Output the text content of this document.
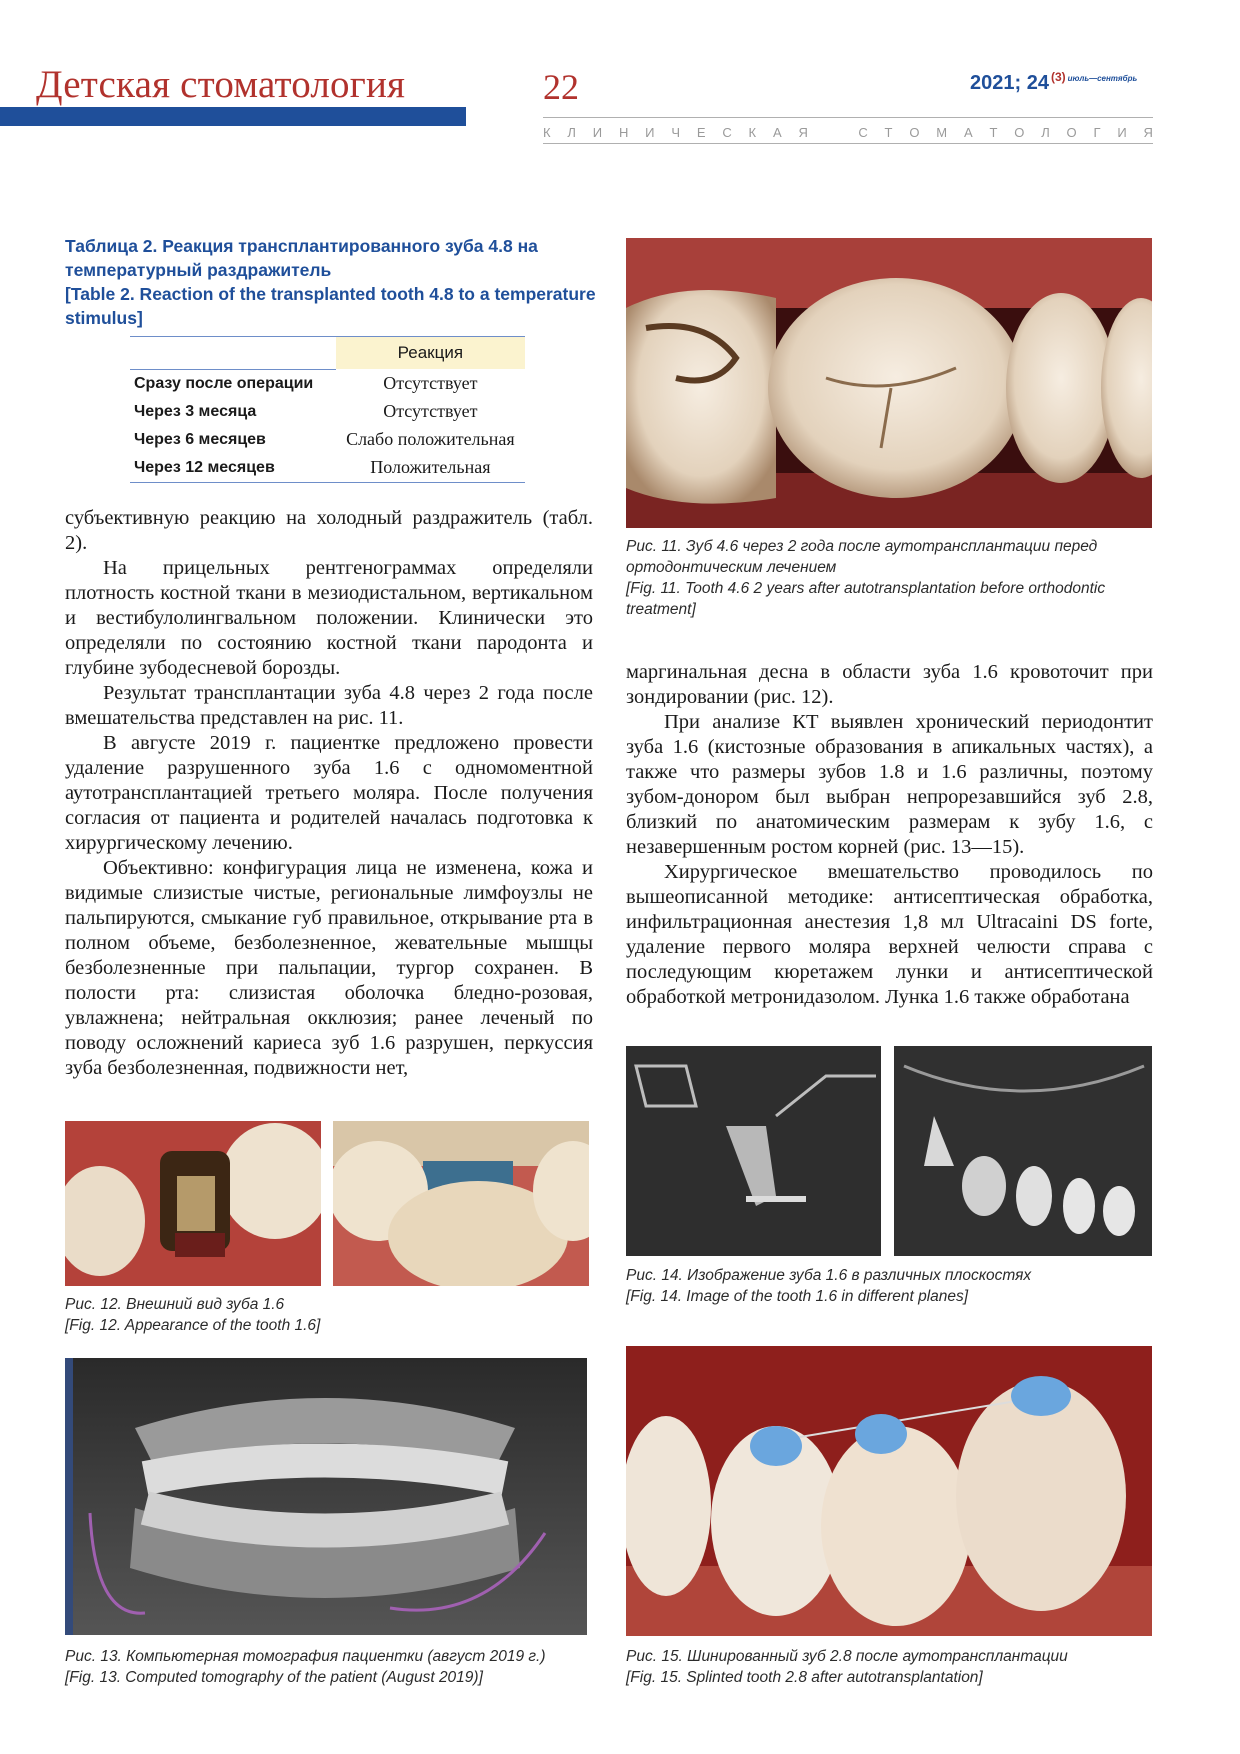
Детская стоматология	22	2021; 24 $^{(3)}$ $^{июль—сентябрь}$
К Л И Н И Ч Е С К А Я	С Т О М А Т О Л О Г И Я
Таблица 2. Реакция трансплантированного зуба 4.8 на температурный раздражитель
[Table 2. Reaction of the transplanted tooth 4.8 to a temperature stimulus]
	Реакция
Сразу после операции	Отсутствует
Через 3 месяца	Отсутствует
Через 6 месяцев	Слабо положительная
Через 12 месяцев	Положительная

субъективную реакцию на холодный раздражитель (табл. 2).

На прицельных рентгенограммах определяли плотность костной ткани в мезиодистальном, вертикальном и вестибулолингвальном положении. Клинически это определяли по состоянию костной ткани пародонта и глубине зубодесневой борозды.

Результат трансплантации зуба 4.8 через 2 года после вмешательства представлен на рис. 11.

В августе 2019 г. пациентке предложено провести удаление разрушенного зуба 1.6 с одномоментной аутотрансплантацией третьего моляра. После получения согласия от пациента и родителей началась подготовка к хирургическому лечению.

Объективно: конфигурация лица не изменена, кожа и видимые слизистые чистые, региональные лимфоузлы не пальпируются, смыкание губ правильное, открывание рта в полном объеме, безболезненное, жевательные мышцы безболезненные при пальпации, тургор сохранен. В полости рта: слизистая оболочка бледно-розовая, увлажнена; нейтральная окклюзия; ранее леченый по поводу осложнений кариеса зуб 1.6 разрушен, перкуссия зуба безболезненная, подвижности нет,

маргинальная десна в области зуба 1.6 кровоточит при зондировании (рис. 12).

При анализе КТ выявлен хронический периодонтит зуба 1.6 (кистозные образования в апикальных частях), а также что размеры зубов 1.8 и 1.6 различны, поэтому зубом-донором был выбран непрорезавшийся зуб 2.8, близкий по анатомическим размерам к зубу 1.6, с незавершенным ростом корней (рис. 13—15).

Хирургическое вмешательство проводилось по вышеописанной методике: антисептическая обработка, инфильтрационная анестезия 1,8 мл Ultracaini DS forte, удаление первого моляра верхней челюсти справа с последующим кюретажем лунки и антисептической обработкой метронидазолом. Лунка 1.6 также обработана

Рис. 11. Зуб 4.6 через 2 года после аутотрансплантации перед ортодонтическим лечением
[Fig. 11. Tooth 4.6 2 years after autotransplantation before orthodontic treatment]
Рис. 12. Внешний вид зуба 1.6
[Fig. 12. Appearance of the tooth 1.6]
Рис. 13. Компьютерная томография пациентки (август 2019 г.)
[Fig. 13. Computed tomography of the patient (August 2019)]
Рис. 14. Изображение зуба 1.6 в различных плоскостях
[Fig. 14. Image of the tooth 1.6 in different planes]
Рис. 15. Шинированный зуб 2.8 после аутотрансплантации
[Fig. 15. Splinted tooth 2.8 after autotransplantation]
